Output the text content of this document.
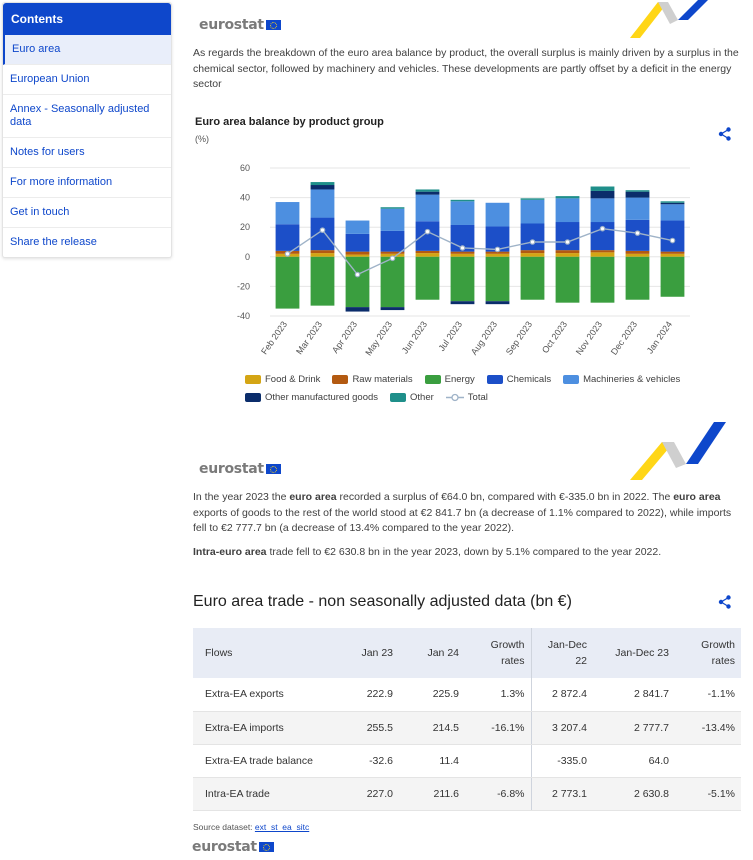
Contents
Euro area
European Union
Annex - Seasonally adjusted data
Notes for users
For more information
Get in touch
Share the release
eurostat

As regards the breakdown of the euro area balance by product, the overall surplus is mainly driven by a surplus in the chemical sector, followed by machinery and vehicles. These developments are partly offset by a deficit in the energy sector

Euro area balance by product group
(%)
60
40
20
0
-20
-40
Feb 2023 Mar 2023 Apr 2023 May 2023 Jun 2023 Jul 2023 Aug 2023 Sep 2023 Oct 2023 Nov 2023 Dec 2023 Jan 2024
Food & Drink	Raw materials	Energy	Chemicals	Machineries & vehicles
Other manufactured goods	Other	Total
eurostat

In the year 2023 the euro area recorded a surplus of €64.0 bn, compared with €-335.0 bn in 2022. The euro area exports of goods to the rest of the world stood at €2 841.7 bn (a decrease of 1.1% compared to 2022), while imports fell to €2 777.7 bn (a decrease of 13.4% compared to the year 2022).

Intra-euro area trade fell to €2 630.8 bn in the year 2023, down by 5.1% compared to the year 2022.

Euro area trade - non seasonally adjusted data (bn €)
Flows	Jan 23	Jan 24	Growth rates	Jan-Dec 22	Jan-Dec 23	Growth rates
Extra-EA exports	222.9	225.9	1.3%	2 872.4	2 841.7	-1.1%
Extra-EA imports	255.5	214.5	-16.1%	3 207.4	2 777.7	-13.4%
Extra-EA trade balance	-32.6	11.4		-335.0	64.0	
Intra-EA trade	227.0	211.6	-6.8%	2 773.1	2 630.8	-5.1%
Source dataset: ext_st_ea_sitc
eurostat
